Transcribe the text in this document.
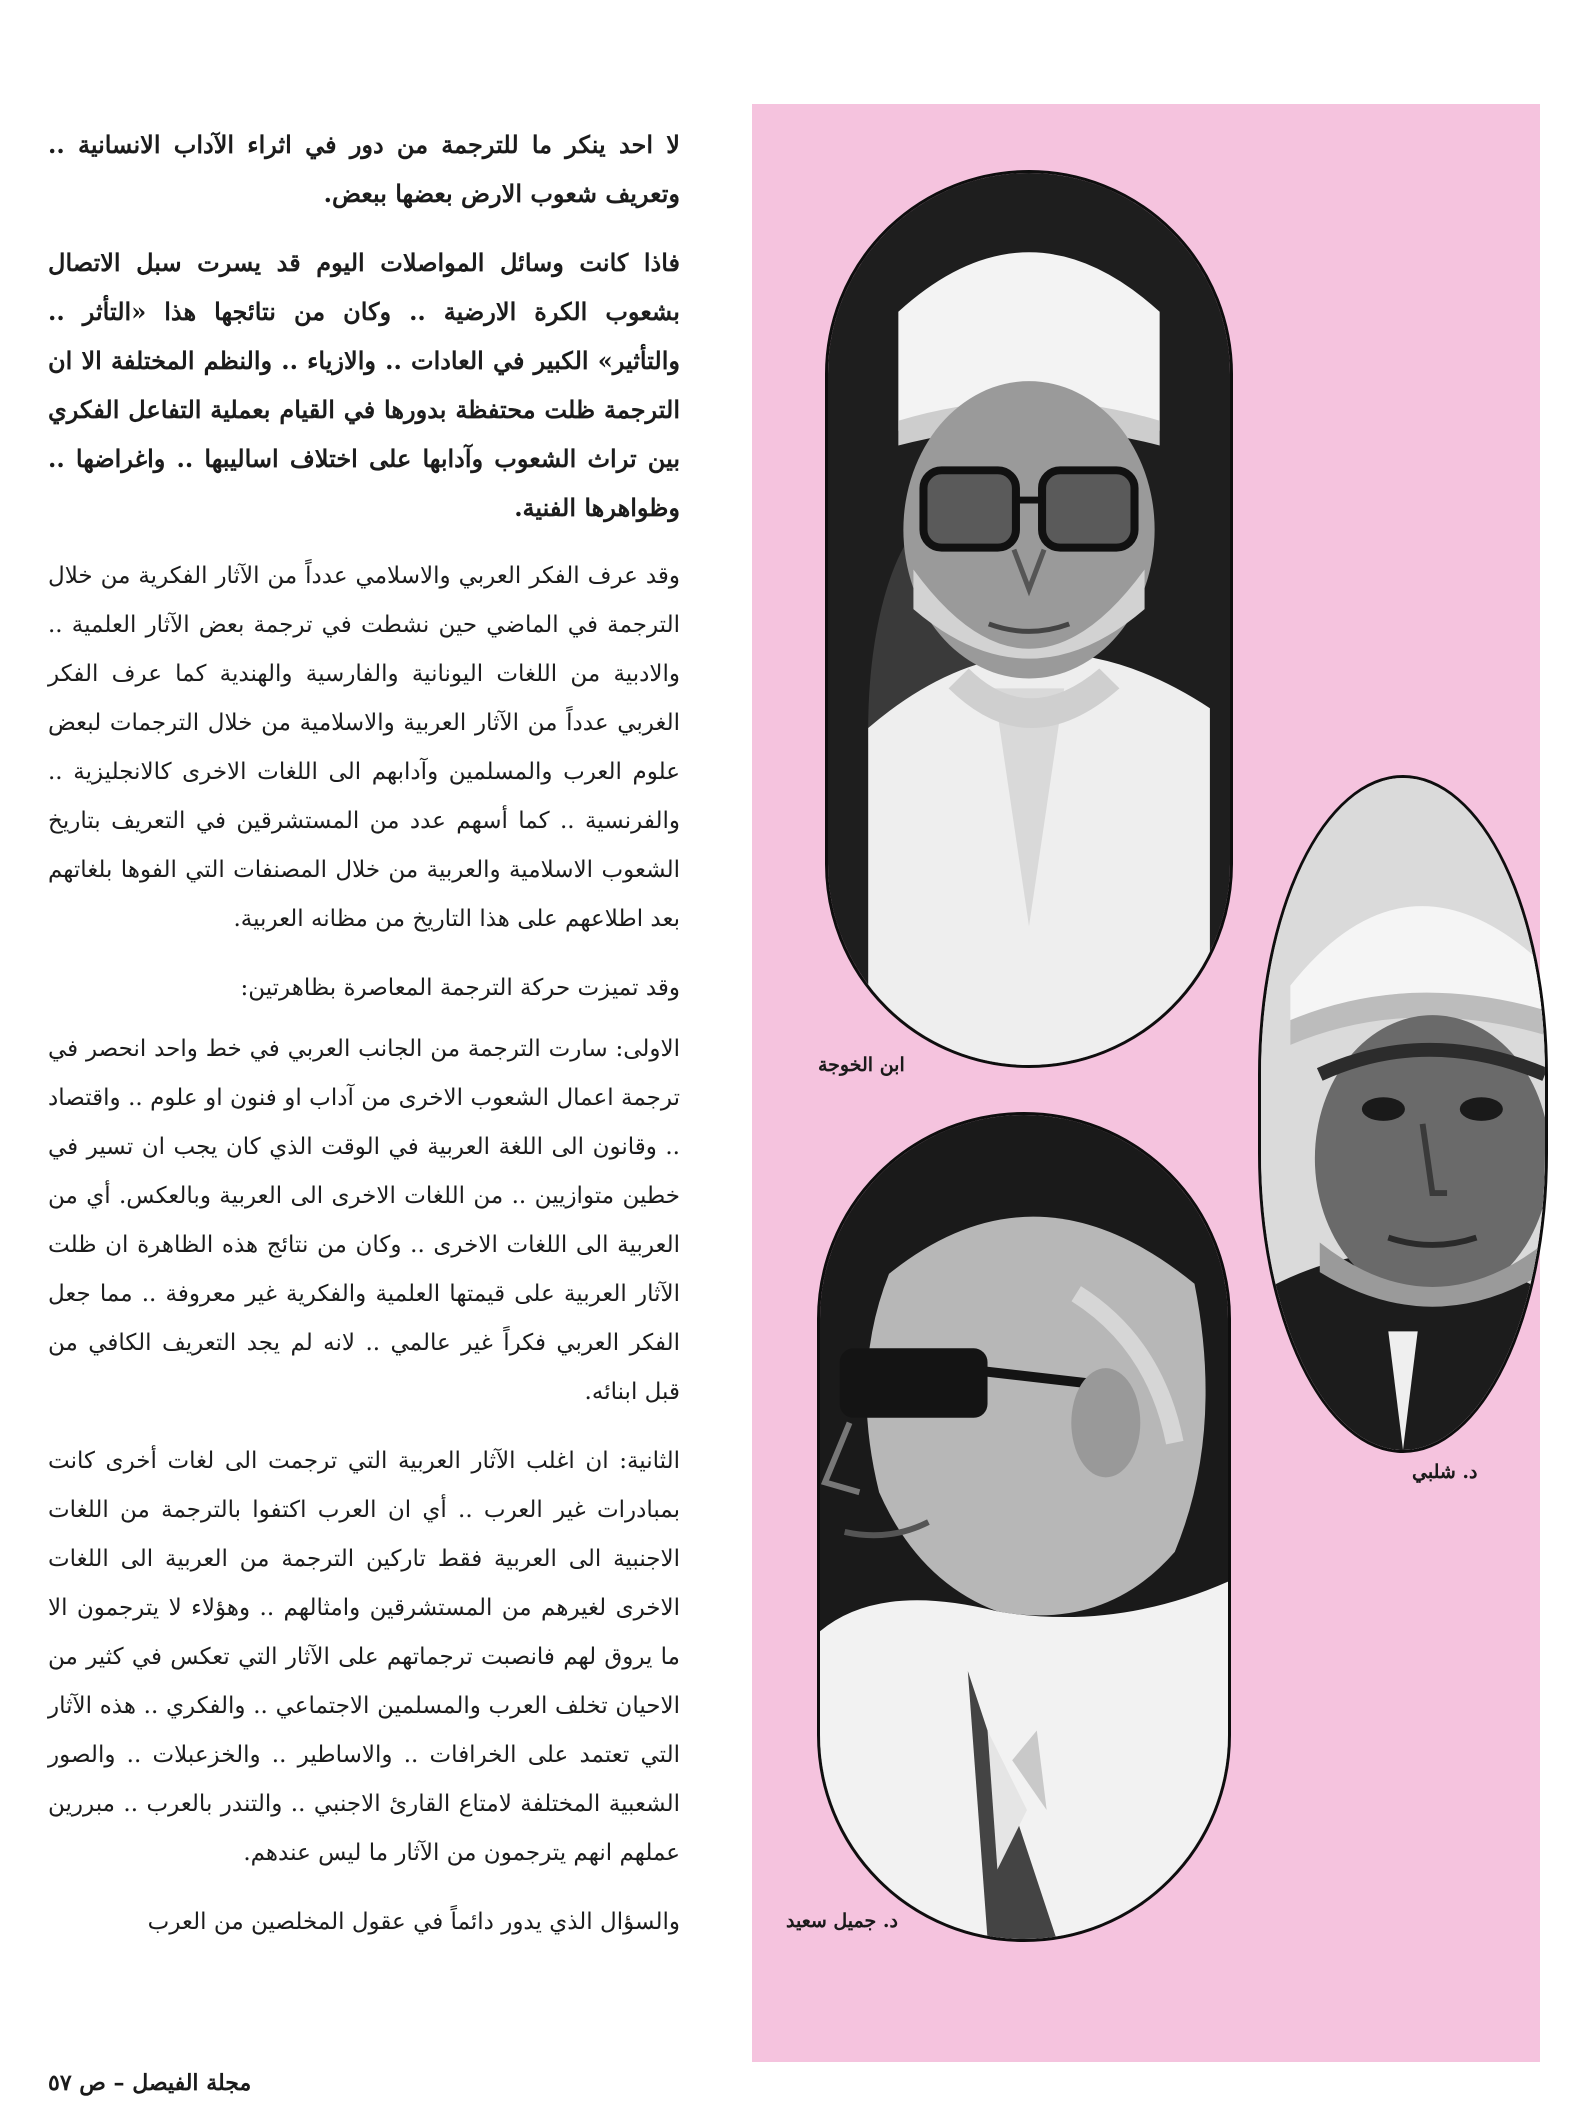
لا احد ينكر ما للترجمة من دور في اثراء الآداب الانسانية .. وتعريف شعوب الارض بعضها ببعض.

فاذا كانت وسائل المواصلات اليوم قد يسرت سبل الاتصال بشعوب الكرة الارضية .. وكان من نتائجها هذا «التأثر .. والتأثير» الكبير في العادات .. والازياء .. والنظم المختلفة الا ان الترجمة ظلت محتفظة بدورها في القيام بعملية التفاعل الفكري بين تراث الشعوب وآدابها على اختلاف اساليبها .. واغراضها .. وظواهرها الفنية.

وقد عرف الفكر العربي والاسلامي عدداً من الآثار الفكرية من خلال الترجمة في الماضي حين نشطت في ترجمة بعض الآثار العلمية .. والادبية من اللغات اليونانية والفارسية والهندية كما عرف الفكر الغربي عدداً من الآثار العربية والاسلامية من خلال الترجمات لبعض علوم العرب والمسلمين وآدابهم الى اللغات الاخرى كالانجليزية .. والفرنسية .. كما أسهم عدد من المستشرقين في التعريف بتاريخ الشعوب الاسلامية والعربية من خلال المصنفات التي الفوها بلغاتهم بعد اطلاعهم على هذا التاريخ من مظانه العربية.

وقد تميزت حركة الترجمة المعاصرة بظاهرتين:

الاولى: سارت الترجمة من الجانب العربي في خط واحد انحصر في ترجمة اعمال الشعوب الاخرى من آداب او فنون او علوم .. واقتصاد .. وقانون الى اللغة العربية في الوقت الذي كان يجب ان تسير في خطين متوازيين .. من اللغات الاخرى الى العربية وبالعكس. أي من العربية الى اللغات الاخرى .. وكان من نتائج هذه الظاهرة ان ظلت الآثار العربية على قيمتها العلمية والفكرية غير معروفة .. مما جعل الفكر العربي فكراً غير عالمي .. لانه لم يجد التعريف الكافي من قبل ابنائه.

الثانية: ان اغلب الآثار العربية التي ترجمت الى لغات أخرى كانت بمبادرات غير العرب .. أي ان العرب اكتفوا بالترجمة من اللغات الاجنبية الى العربية فقط تاركين الترجمة من العربية الى اللغات الاخرى لغيرهم من المستشرقين وامثالهم .. وهؤلاء لا يترجمون الا ما يروق لهم فانصبت ترجماتهم على الآثار التي تعكس في كثير من الاحيان تخلف العرب والمسلمين الاجتماعي .. والفكري .. هذه الآثار التي تعتمد على الخرافات .. والاساطير .. والخزعبلات .. والصور الشعبية المختلفة لامتاع القارئ الاجنبي .. والتندر بالعرب .. مبررين عملهم انهم يترجمون من الآثار ما ليس عندهم.

والسؤال الذي يدور دائماً في عقول المخلصين من العرب

ابن الخوجة
د. شلبي
د. جميل سعيد
مجلة الفيصل – ص ٥٧
